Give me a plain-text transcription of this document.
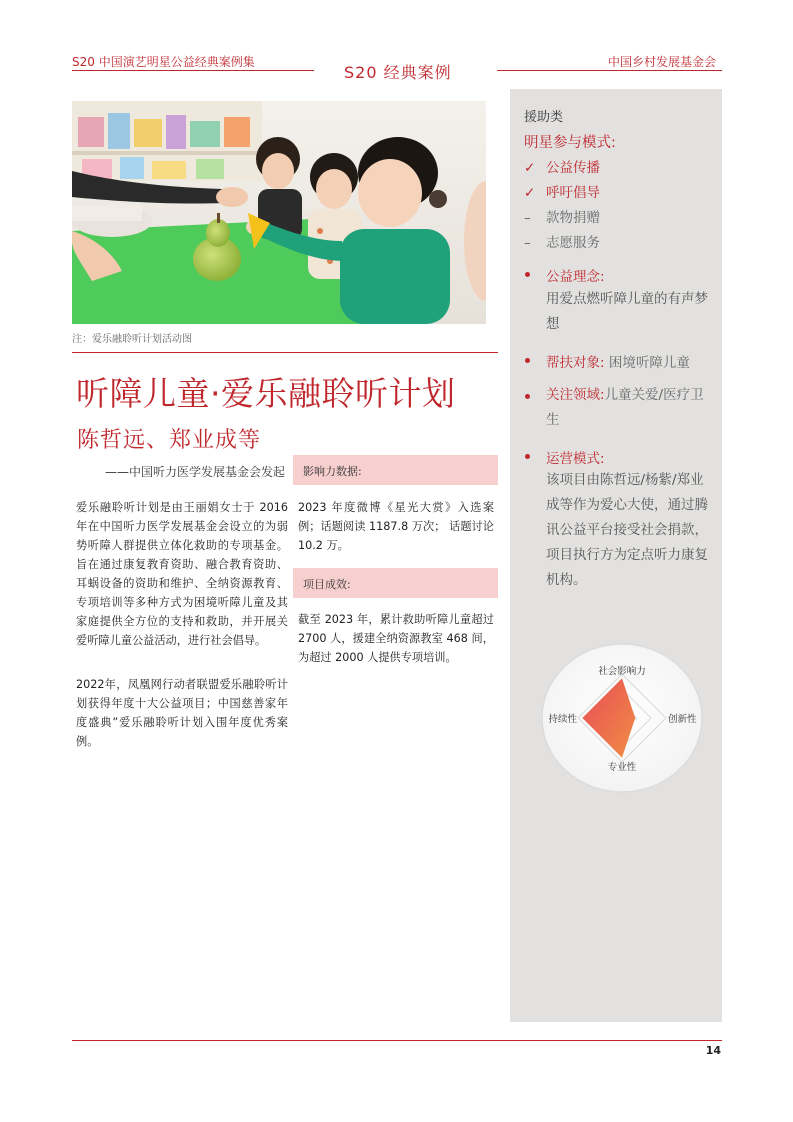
S20 中国演艺明星公益经典案例集
S20 经典案例
中国乡村发展基金会
注：爱乐融聆听计划活动图
听障儿童·爱乐融聆听计划
陈哲远、郑业成等
——中国听力医学发展基金会发起
爱乐融聆听计划是由王丽娟女士于 2016 年在中国听力医学发展基金会设立的为弱势听障人群提供立体化救助的专项基金。旨在通过康复教育资助、融合教育资助、耳蜗设备的资助和维护、全纳资源教育、专项培训等多种方式为困境听障儿童及其家庭提供全方位的支持和救助，并开展关爱听障儿童公益活动，进行社会倡导。
2022年，凤凰网行动者联盟爱乐融聆听计划获得年度十大公益项目；中国慈善家年度盛典”爱乐融聆听计划入围年度优秀案例。
影响力数据:
2023 年度微博《星光大赏》入选案例；话题阅读 1187.8 万次； 话题讨论 10.2 万。
项目成效:
截至 2023 年，累计救助听障儿童超过 2700 人，援建全纳资源教室 468 间，为超过 2000 人提供专项培训。
援助类
明星参与模式:
✓ 公益传播
✓ 呼吁倡导
– 款物捐赠
– 志愿服务
公益理念:
用爱点燃听障儿童的有声梦想
帮扶对象: 困境听障儿童
关注领域:儿童关爱/医疗卫生
运营模式:
该项目由陈哲远/杨紫/郑业成等作为爱心大使，通过腾讯公益平台接受社会捐款，项目执行方为定点听力康复机构。
社会影响力
创新性
专业性
持续性
14
